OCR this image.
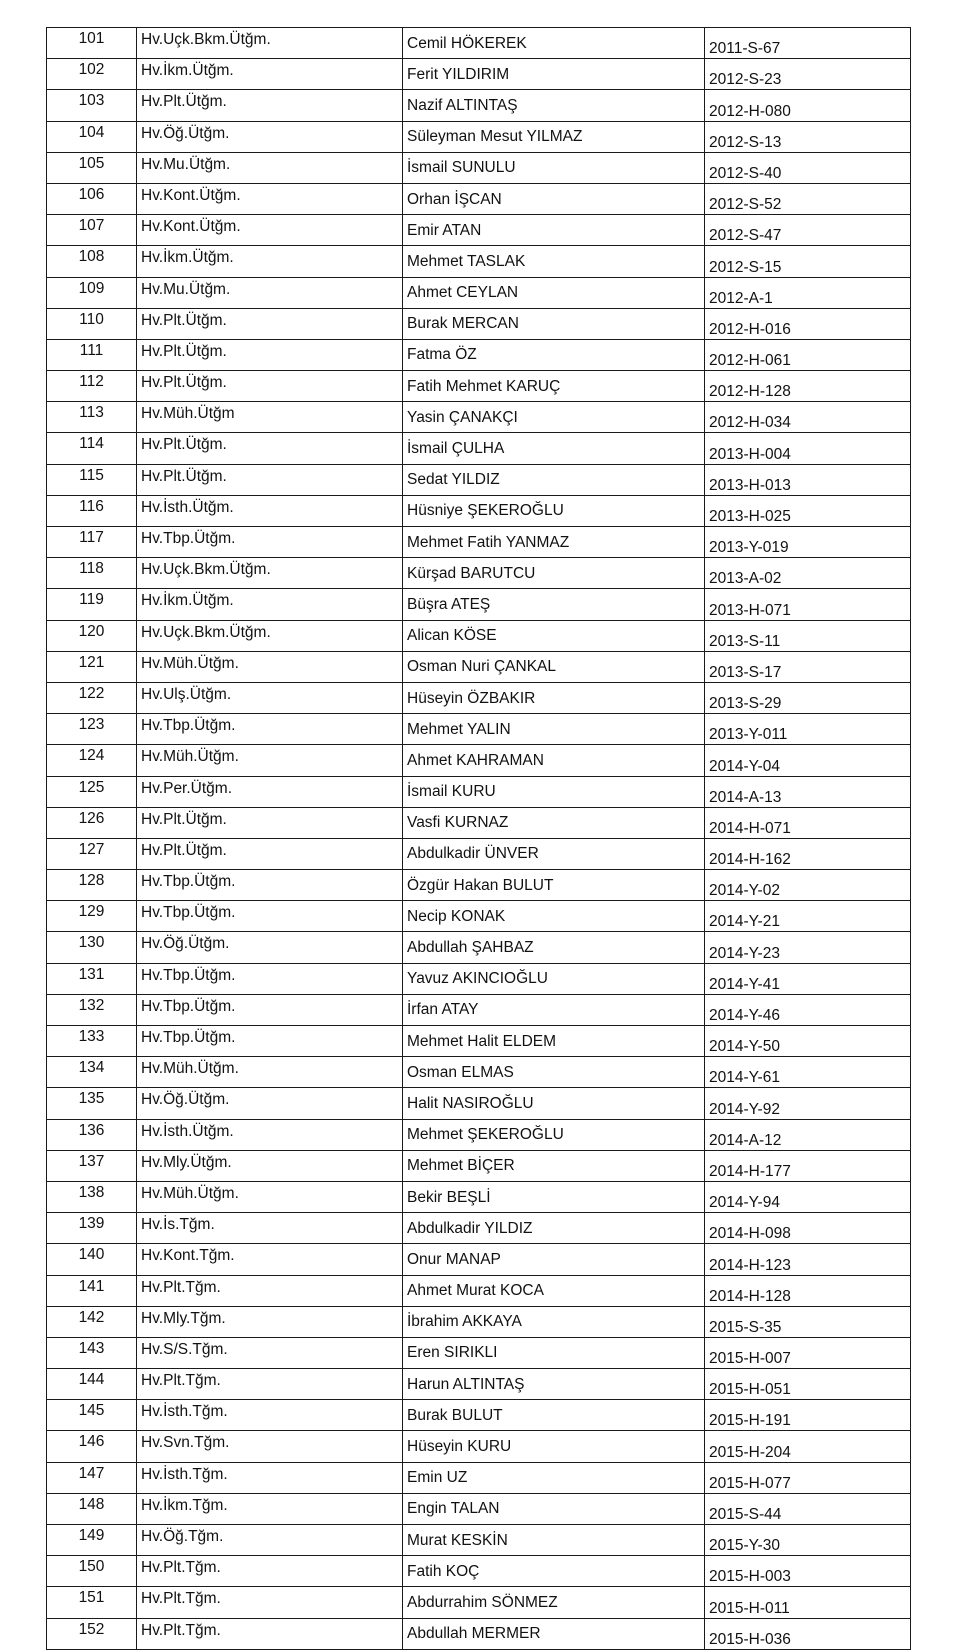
101	Hv.Uçk.Bkm.Ütğm.	Cemil HÖKEREK	2011-S-67
102	Hv.İkm.Ütğm.	Ferit YILDIRIM	2012-S-23
103	Hv.Plt.Ütğm.	Nazif ALTINTAŞ	2012-H-080
104	Hv.Öğ.Ütğm.	Süleyman Mesut YILMAZ	2012-S-13
105	Hv.Mu.Ütğm.	İsmail SUNULU	2012-S-40
106	Hv.Kont.Ütğm.	Orhan İŞCAN	2012-S-52
107	Hv.Kont.Ütğm.	Emir ATAN	2012-S-47
108	Hv.İkm.Ütğm.	Mehmet TASLAK	2012-S-15
109	Hv.Mu.Ütğm.	Ahmet CEYLAN	2012-A-1
110	Hv.Plt.Ütğm.	Burak MERCAN	2012-H-016
111	Hv.Plt.Ütğm.	Fatma ÖZ	2012-H-061
112	Hv.Plt.Ütğm.	Fatih Mehmet KARUÇ	2012-H-128
113	Hv.Müh.Ütğm	Yasin ÇANAKÇI	2012-H-034
114	Hv.Plt.Ütğm.	İsmail ÇULHA	2013-H-004
115	Hv.Plt.Ütğm.	Sedat YILDIZ	2013-H-013
116	Hv.İsth.Ütğm.	Hüsniye ŞEKEROĞLU	2013-H-025
117	Hv.Tbp.Ütğm.	Mehmet Fatih YANMAZ	2013-Y-019
118	Hv.Uçk.Bkm.Ütğm.	Kürşad BARUTCU	2013-A-02
119	Hv.İkm.Ütğm.	Büşra ATEŞ	2013-H-071
120	Hv.Uçk.Bkm.Ütğm.	Alican KÖSE	2013-S-11
121	Hv.Müh.Ütğm.	Osman Nuri ÇANKAL	2013-S-17
122	Hv.Ulş.Ütğm.	Hüseyin ÖZBAKIR	2013-S-29
123	Hv.Tbp.Ütğm.	Mehmet YALIN	2013-Y-011
124	Hv.Müh.Ütğm.	Ahmet KAHRAMAN	2014-Y-04
125	Hv.Per.Ütğm.	İsmail KURU	2014-A-13
126	Hv.Plt.Ütğm.	Vasfi KURNAZ	2014-H-071
127	Hv.Plt.Ütğm.	Abdulkadir ÜNVER	2014-H-162
128	Hv.Tbp.Ütğm.	Özgür Hakan BULUT	2014-Y-02
129	Hv.Tbp.Ütğm.	Necip KONAK	2014-Y-21
130	Hv.Öğ.Ütğm.	Abdullah ŞAHBAZ	2014-Y-23
131	Hv.Tbp.Ütğm.	Yavuz AKINCIOĞLU	2014-Y-41
132	Hv.Tbp.Ütğm.	İrfan ATAY	2014-Y-46
133	Hv.Tbp.Ütğm.	Mehmet Halit ELDEM	2014-Y-50
134	Hv.Müh.Ütğm.	Osman ELMAS	2014-Y-61
135	Hv.Öğ.Ütğm.	Halit NASIROĞLU	2014-Y-92
136	Hv.İsth.Ütğm.	Mehmet ŞEKEROĞLU	2014-A-12
137	Hv.Mly.Ütğm.	Mehmet BİÇER	2014-H-177
138	Hv.Müh.Ütğm.	Bekir BEŞLİ	2014-Y-94
139	Hv.İs.Tğm.	Abdulkadir YILDIZ	2014-H-098
140	Hv.Kont.Tğm.	Onur MANAP	2014-H-123
141	Hv.Plt.Tğm.	Ahmet Murat KOCA	2014-H-128
142	Hv.Mly.Tğm.	İbrahim AKKAYA	2015-S-35
143	Hv.S/S.Tğm.	Eren SIRIKLI	2015-H-007
144	Hv.Plt.Tğm.	Harun ALTINTAŞ	2015-H-051
145	Hv.İsth.Tğm.	Burak BULUT	2015-H-191
146	Hv.Svn.Tğm.	Hüseyin KURU	2015-H-204
147	Hv.İsth.Tğm.	Emin UZ	2015-H-077
148	Hv.İkm.Tğm.	Engin TALAN	2015-S-44
149	Hv.Öğ.Tğm.	Murat KESKİN	2015-Y-30
150	Hv.Plt.Tğm.	Fatih KOÇ	2015-H-003
151	Hv.Plt.Tğm.	Abdurrahim SÖNMEZ	2015-H-011
152	Hv.Plt.Tğm.	Abdullah MERMER	2015-H-036
